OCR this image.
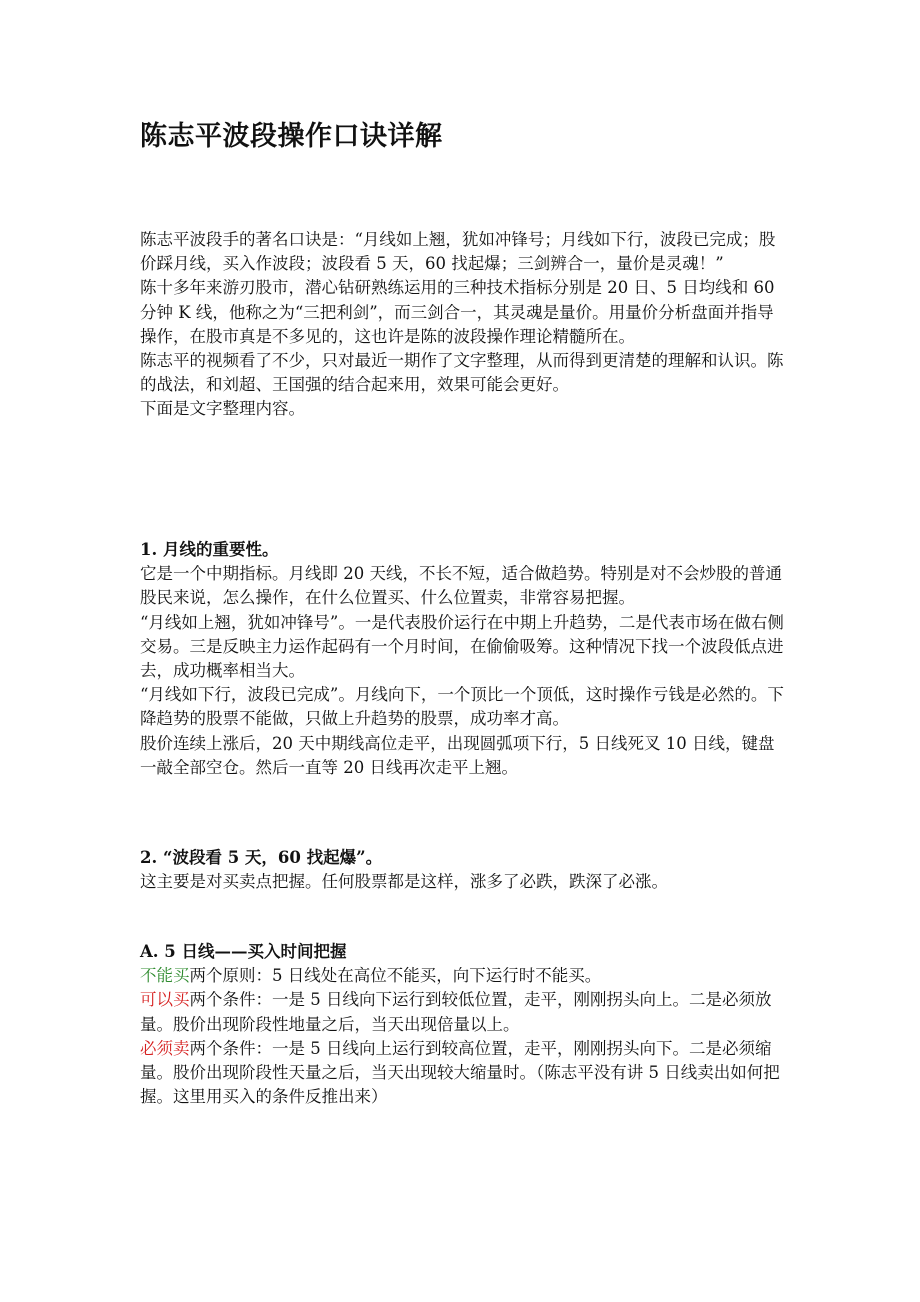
陈志平波段操作口诀详解

陈志平波段手的著名口诀是：“月线如上翘，犹如冲锋号；月线如下行，波段已完成；股价踩月线，买入作波段；波段看 5 天，60 找起爆；三剑辨合一，量价是灵魂！”

陈十多年来游刃股市，潜心钻研熟练运用的三种技术指标分别是 20 日、5 日均线和 60 分钟 K 线，他称之为“三把利剑”，而三剑合一，其灵魂是量价。用量价分析盘面并指导操作，在股市真是不多见的，这也许是陈的波段操作理论精髓所在。

陈志平的视频看了不少，只对最近一期作了文字整理，从而得到更清楚的理解和认识。陈的战法，和刘超、王国强的结合起来用，效果可能会更好。

下面是文字整理内容。

1. 月线的重要性。

它是一个中期指标。月线即 20 天线，不长不短，适合做趋势。特别是对不会炒股的普通股民来说，怎么操作，在什么位置买、什么位置卖，非常容易把握。

“月线如上翘，犹如冲锋号”。一是代表股价运行在中期上升趋势，二是代表市场在做右侧交易。三是反映主力运作起码有一个月时间，在偷偷吸筹。这种情况下找一个波段低点进去，成功概率相当大。

“月线如下行，波段已完成”。月线向下，一个顶比一个顶低，这时操作亏钱是必然的。下降趋势的股票不能做，只做上升趋势的股票，成功率才高。

股价连续上涨后，20 天中期线高位走平，出现圆弧项下行，5 日线死叉 10 日线，键盘一敲全部空仓。然后一直等 20 日线再次走平上翘。

2. “波段看 5 天，60 找起爆”。

这主要是对买卖点把握。任何股票都是这样，涨多了必跌，跌深了必涨。

A. 5 日线——买入时间把握

不能买两个原则：5 日线处在高位不能买，向下运行时不能买。

可以买两个条件：一是 5 日线向下运行到较低位置，走平，刚刚拐头向上。二是必须放量。股价出现阶段性地量之后，当天出现倍量以上。

必须卖两个条件：一是 5 日线向上运行到较高位置，走平，刚刚拐头向下。二是必须缩量。股价出现阶段性天量之后，当天出现较大缩量时。（陈志平没有讲 5 日线卖出如何把握。这里用买入的条件反推出来）
